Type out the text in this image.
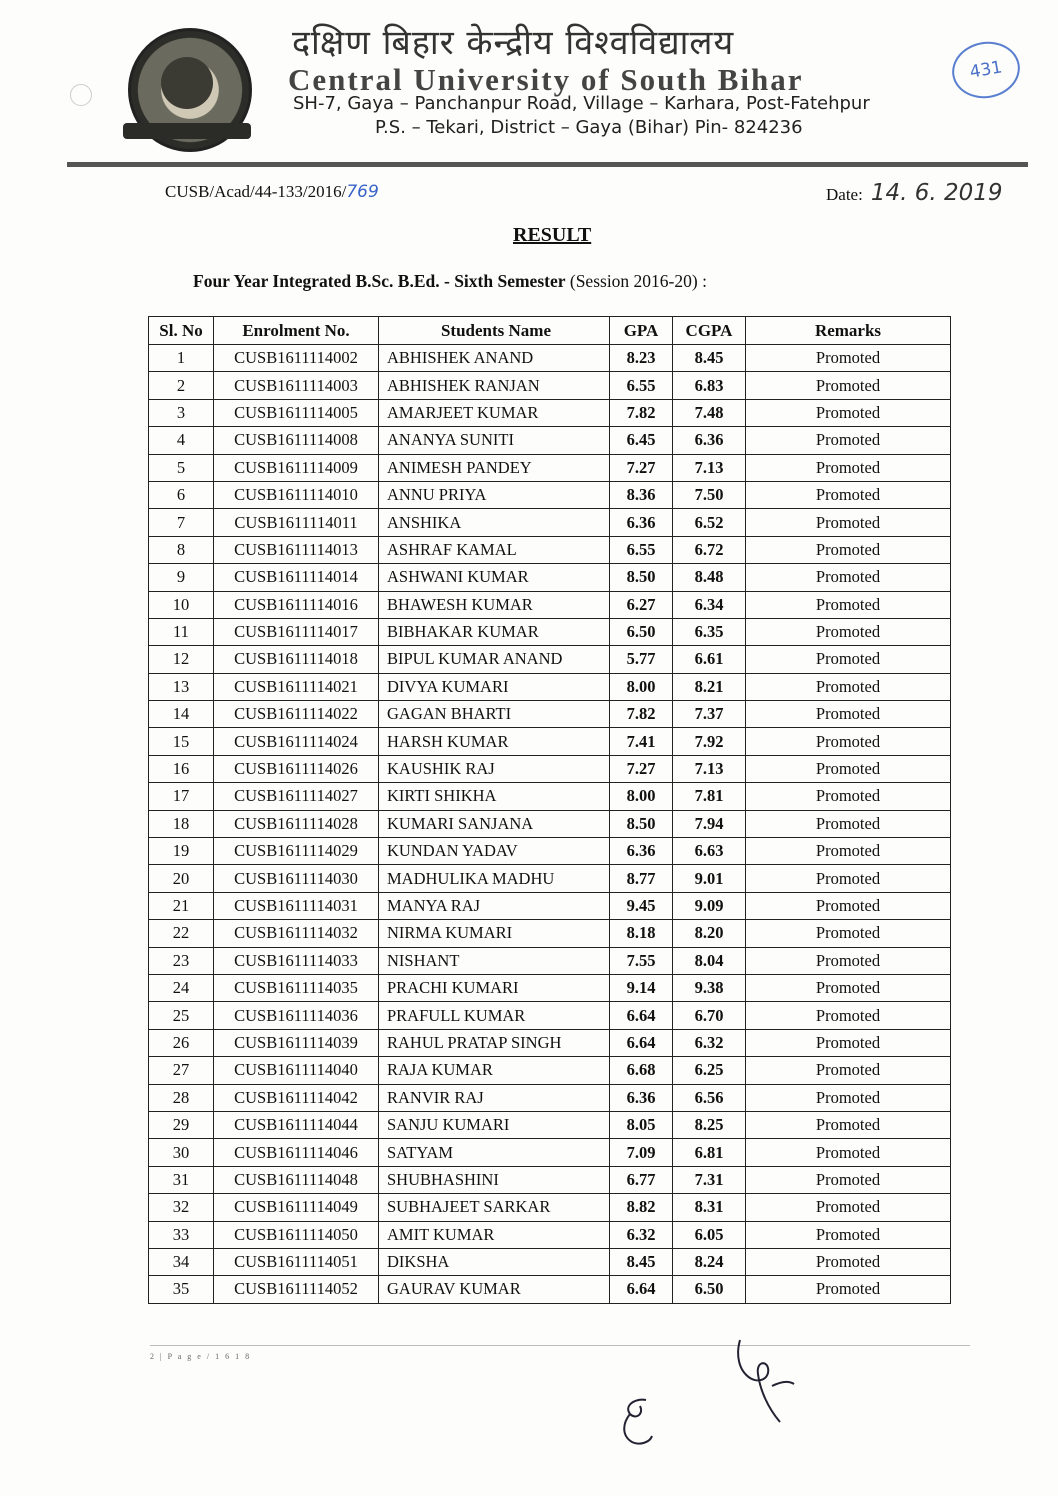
दक्षिण बिहार केन्द्रीय विश्वविद्यालय
Central University of South Bihar
SH-7, Gaya – Panchanpur Road, Village – Karhara, Post-Fatehpur
P.S. – Tekari, District – Gaya (Bihar) Pin- 824236
431
CUSB/Acad/44-133/2016/769	Date: 14. 6. 2019
RESULT
Four Year Integrated B.Sc. B.Ed. - Sixth Semester (Session 2016-20) :
Sl. No	Enrolment No.	Students Name	GPA	CGPA	Remarks
1	CUSB1611114002	ABHISHEK ANAND	8.23	8.45	Promoted
2	CUSB1611114003	ABHISHEK RANJAN	6.55	6.83	Promoted
3	CUSB1611114005	AMARJEET KUMAR	7.82	7.48	Promoted
4	CUSB1611114008	ANANYA SUNITI	6.45	6.36	Promoted
5	CUSB1611114009	ANIMESH PANDEY	7.27	7.13	Promoted
6	CUSB1611114010	ANNU PRIYA	8.36	7.50	Promoted
7	CUSB1611114011	ANSHIKA	6.36	6.52	Promoted
8	CUSB1611114013	ASHRAF KAMAL	6.55	6.72	Promoted
9	CUSB1611114014	ASHWANI KUMAR	8.50	8.48	Promoted
10	CUSB1611114016	BHAWESH KUMAR	6.27	6.34	Promoted
11	CUSB1611114017	BIBHAKAR KUMAR	6.50	6.35	Promoted
12	CUSB1611114018	BIPUL KUMAR ANAND	5.77	6.61	Promoted
13	CUSB1611114021	DIVYA KUMARI	8.00	8.21	Promoted
14	CUSB1611114022	GAGAN BHARTI	7.82	7.37	Promoted
15	CUSB1611114024	HARSH KUMAR	7.41	7.92	Promoted
16	CUSB1611114026	KAUSHIK RAJ	7.27	7.13	Promoted
17	CUSB1611114027	KIRTI SHIKHA	8.00	7.81	Promoted
18	CUSB1611114028	KUMARI SANJANA	8.50	7.94	Promoted
19	CUSB1611114029	KUNDAN YADAV	6.36	6.63	Promoted
20	CUSB1611114030	MADHULIKA MADHU	8.77	9.01	Promoted
21	CUSB1611114031	MANYA RAJ	9.45	9.09	Promoted
22	CUSB1611114032	NIRMA KUMARI	8.18	8.20	Promoted
23	CUSB1611114033	NISHANT	7.55	8.04	Promoted
24	CUSB1611114035	PRACHI KUMARI	9.14	9.38	Promoted
25	CUSB1611114036	PRAFULL KUMAR	6.64	6.70	Promoted
26	CUSB1611114039	RAHUL PRATAP SINGH	6.64	6.32	Promoted
27	CUSB1611114040	RAJA KUMAR	6.68	6.25	Promoted
28	CUSB1611114042	RANVIR RAJ	6.36	6.56	Promoted
29	CUSB1611114044	SANJU KUMARI	8.05	8.25	Promoted
30	CUSB1611114046	SATYAM	7.09	6.81	Promoted
31	CUSB1611114048	SHUBHASHINI	6.77	7.31	Promoted
32	CUSB1611114049	SUBHAJEET SARKAR	8.82	8.31	Promoted
33	CUSB1611114050	AMIT KUMAR	6.32	6.05	Promoted
34	CUSB1611114051	DIKSHA	8.45	8.24	Promoted
35	CUSB1611114052	GAURAV KUMAR	6.64	6.50	Promoted
2 | P a g e / 1 6 1 8
